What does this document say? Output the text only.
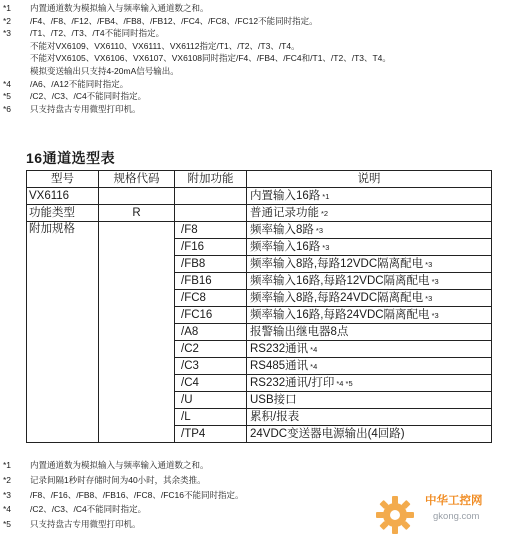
*1	内置通道数为模拟输入与频率输入通道数之和。
*2	/F4、/F8、/F12、/FB4、/FB8、/FB12、/FC4、/FC8、/FC12不能同时指定。
*3	/T1、/T2、/T3、/T4不能同时指定。
不能对VX6109、VX6110、VX6111、VX6112指定/T1、/T2、/T3、/T4。
不能对VX6105、VX6106、VX6107、VX6108同时指定/F4、/FB4、/FC4和/T1、/T2、/T3、T4。
模拟变送输出只支持4-20mA信号输出。
*4	/A6、/A12不能同时指定。
*5	/C2、/C3、/C4不能同时指定。
*6	只支持盘古专用微型打印机。
16通道选型表
型号	规格代码	附加功能	说明
VX6116			内置输入16路 *1
功能类型	R		普通记录功能 *2
附加规格		/F8	频率输入8路 *3
		/F16	频率输入16路 *3
		/FB8	频率输入8路,每路12VDC隔离配电 *3
		/FB16	频率输入16路,每路12VDC隔离配电 *3
		/FC8	频率输入8路,每路24VDC隔离配电 *3
		/FC16	频率输入16路,每路24VDC隔离配电 *3
		/A8	报警输出继电器8点
		/C2	RS232通讯 *4
		/C3	RS485通讯 *4
		/C4	RS232通讯/打印 *4 *5
		/U	USB接口
		/L	累积/报表
		/TP4	24VDC变送器电源输出(4回路)
*1	内置通道数为模拟输入与频率输入通道数之和。
*2	记录间隔1秒时存储时间为40小时，其余类推。
*3	/F8、/F16、/FB8、/FB16、/FC8、/FC16不能同时指定。
*4	/C2、/C3、/C4不能同时指定。
*5	只支持盘古专用微型打印机。
中华工控网
gkong.com
